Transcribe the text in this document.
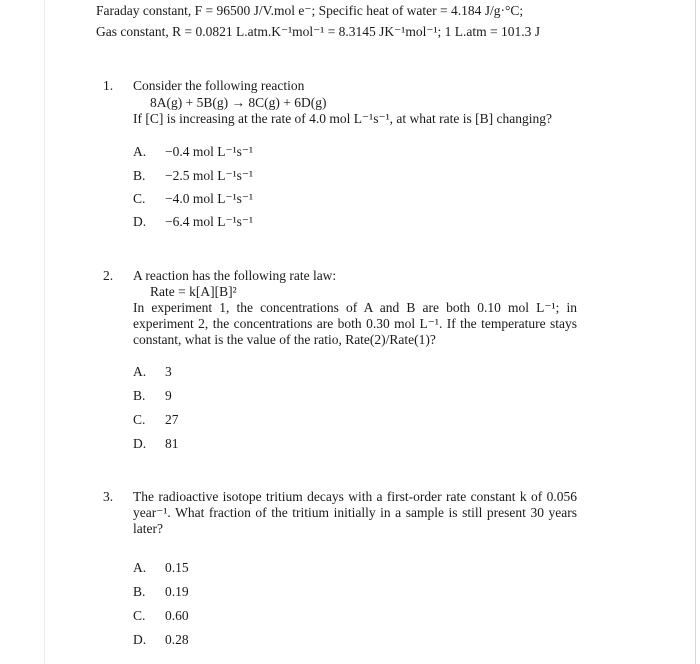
Faraday constant, F = 96500 J/V.mol e⁻; Specific heat of water = 4.184 J/g·°C;
Gas constant, R = 0.0821 L.atm.K⁻¹mol⁻¹ = 8.3145 JK⁻¹mol⁻¹; 1 L.atm = 101.3 J
1. Consider the following reaction
8A(g) + 5B(g) → 8C(g) + 6D(g)
If [C] is increasing at the rate of 4.0 mol L⁻¹s⁻¹, at what rate is [B] changing?
A.	−0.4 mol L⁻¹s⁻¹
B.	−2.5 mol L⁻¹s⁻¹
C.	−4.0 mol L⁻¹s⁻¹
D.	−6.4 mol L⁻¹s⁻¹
2. A reaction has the following rate law:
Rate = k[A][B]²
In experiment 1, the concentrations of A and B are both 0.10 mol L⁻¹; in
experiment 2, the concentrations are both 0.30 mol L⁻¹. If the temperature stays
constant, what is the value of the ratio, Rate(2)/Rate(1)?
A.	3
B.	9
C.	27
D.	81
3. The radioactive isotope tritium decays with a first-order rate constant k of 0.056
year⁻¹. What fraction of the tritium initially in a sample is still present 30 years
later?
A.	0.15
B.	0.19
C.	0.60
D.	0.28
